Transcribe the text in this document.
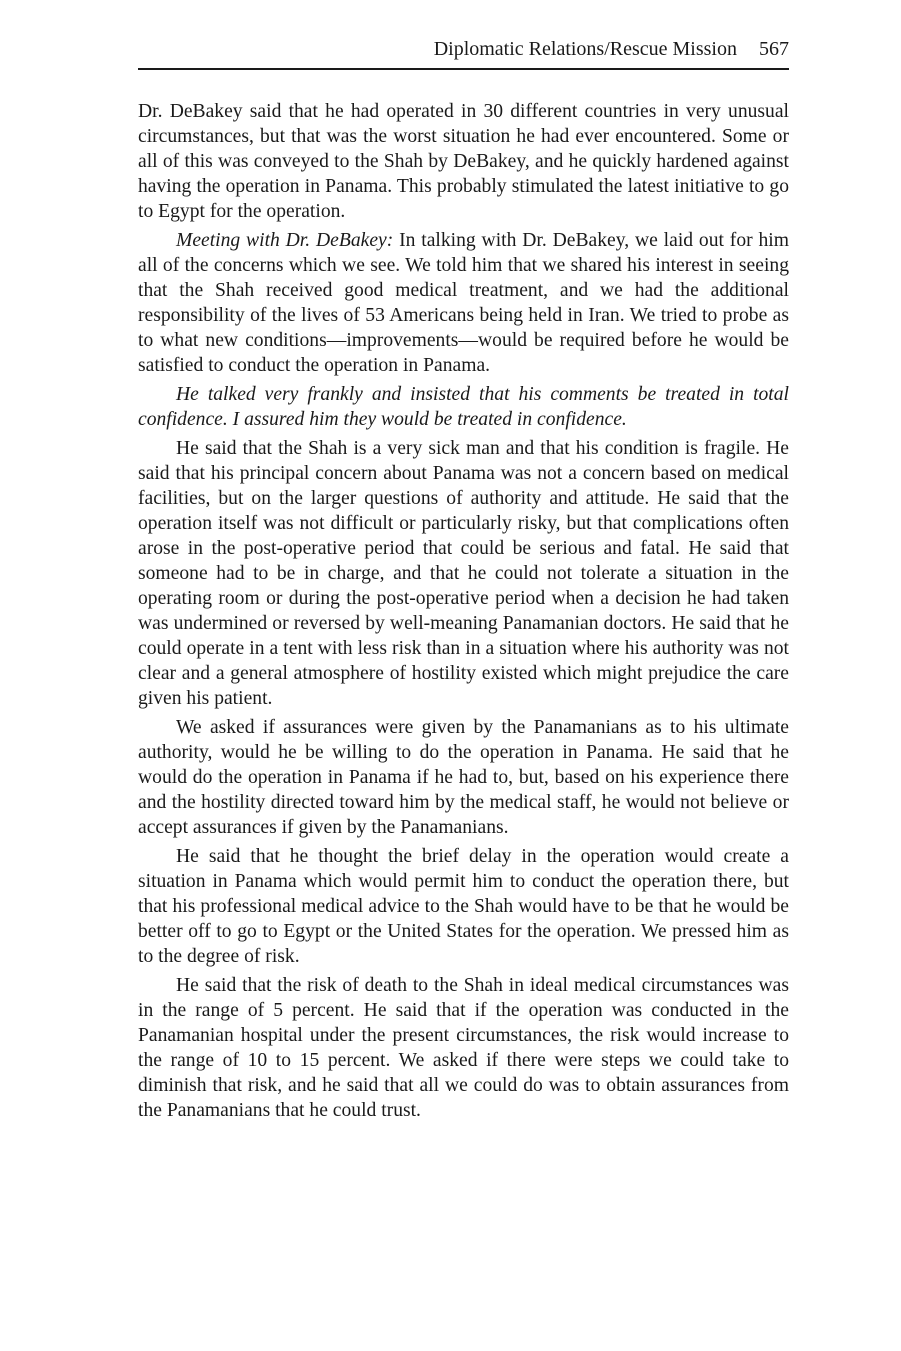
Diplomatic Relations/Rescue Mission 567

Dr. DeBakey said that he had operated in 30 different countries in very unusual circumstances, but that was the worst situation he had ever encountered. Some or all of this was conveyed to the Shah by DeBakey, and he quickly hardened against having the operation in Panama. This probably stimulated the latest initiative to go to Egypt for the operation.

Meeting with Dr. DeBakey: In talking with Dr. DeBakey, we laid out for him all of the concerns which we see. We told him that we shared his interest in seeing that the Shah received good medical treatment, and we had the additional responsibility of the lives of 53 Americans being held in Iran. We tried to probe as to what new conditions—improvements—would be required before he would be satisfied to conduct the operation in Panama.

He talked very frankly and insisted that his comments be treated in total confidence. I assured him they would be treated in confidence.

He said that the Shah is a very sick man and that his condition is fragile. He said that his principal concern about Panama was not a concern based on medical facilities, but on the larger questions of authority and attitude. He said that the operation itself was not difficult or particularly risky, but that complications often arose in the post-operative period that could be serious and fatal. He said that someone had to be in charge, and that he could not tolerate a situation in the operating room or during the post-operative period when a decision he had taken was undermined or reversed by well-meaning Panamanian doctors. He said that he could operate in a tent with less risk than in a situation where his authority was not clear and a general atmosphere of hostility existed which might prejudice the care given his patient.

We asked if assurances were given by the Panamanians as to his ultimate authority, would he be willing to do the operation in Panama. He said that he would do the operation in Panama if he had to, but, based on his experience there and the hostility directed toward him by the medical staff, he would not believe or accept assurances if given by the Panamanians.

He said that he thought the brief delay in the operation would create a situation in Panama which would permit him to conduct the operation there, but that his professional medical advice to the Shah would have to be that he would be better off to go to Egypt or the United States for the operation. We pressed him as to the degree of risk.

He said that the risk of death to the Shah in ideal medical circumstances was in the range of 5 percent. He said that if the operation was conducted in the Panamanian hospital under the present circumstances, the risk would increase to the range of 10 to 15 percent. We asked if there were steps we could take to diminish that risk, and he said that all we could do was to obtain assurances from the Panamanians that he could trust.
